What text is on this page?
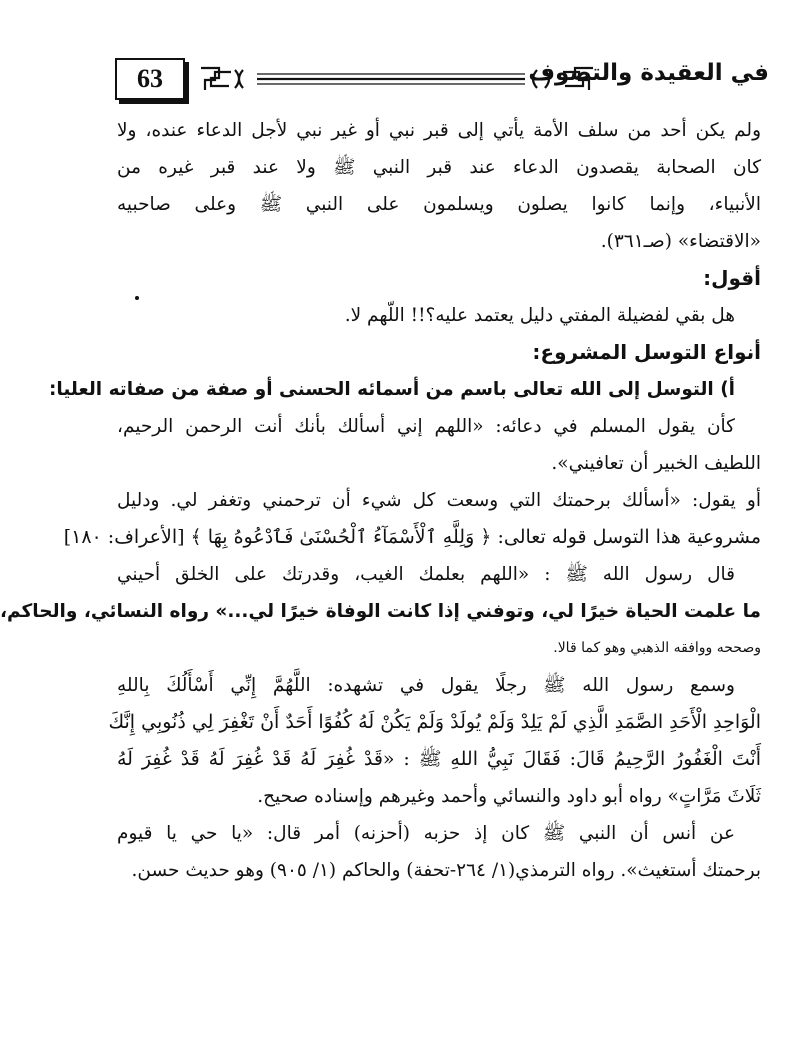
63	في العقيدة والتصوف
ولم يكن أحد من سلف الأمة يأتي إلى قبر نبي أو غير نبي لأجل الدعاء عنده، ولا
كان الصحابة يقصدون الدعاء عند قبر النبي ﷺ ولا عند قبر غيره من
الأنبياء، وإنما كانوا يصلون ويسلمون على النبي ﷺ وعلى صاحبيه
«الاقتضاء» (صـ٣٦١).
أقول:
هل بقي لفضيلة المفتي دليل يعتمد عليه؟!! اللّهم لا.
أنواع التوسل المشروع:
أ) التوسل إلى الله تعالى باسم من أسمائه الحسنى أو صفة من صفاته العليا:
كأن يقول المسلم في دعائه: «اللهم إني أسألك بأنك أنت الرحمن الرحيم،
اللطيف الخبير أن تعافيني».
أو يقول: «أسألك برحمتك التي وسعت كل شيء أن ترحمني وتغفر لي. ودليل
مشروعية هذا التوسل قوله تعالى: ﴿ وَلِلَّهِ ٱلْأَسْمَآءُ ٱلْحُسْنَىٰ فَٱدْعُوهُ بِهَا ﴾ [الأعراف: ١٨٠]
قال رسول الله ﷺ : «اللهم بعلمك الغيب، وقدرتك على الخلق أحيني
ما علمت الحياة خيرًا لي، وتوفني إذا كانت الوفاة خيرًا لي...» رواه النسائي، والحاكم،
وصححه ووافقه الذهبي وهو كما قالا.
وسمع رسول الله ﷺ رجلًا يقول في تشهده: اللَّهُمَّ إِنِّي أَسْأَلُكَ بِاللهِ
الْوَاحِدِ الْأَحَدِ الصَّمَدِ الَّذِي لَمْ يَلِدْ وَلَمْ يُولَدْ وَلَمْ يَكُنْ لَهُ كُفُوًا أَحَدٌ أَنْ تَغْفِرَ لِي ذُنُوبِي إِنَّكَ
أَنْتَ الْغَفُورُ الرَّحِيمُ قَالَ: فَقَالَ نَبِيُّ اللهِ ﷺ : «قَدْ غُفِرَ لَهُ قَدْ غُفِرَ لَهُ قَدْ غُفِرَ لَهُ
ثَلَاثَ مَرَّاتٍ» رواه أبو داود والنسائي وأحمد وغيرهم وإسناده صحيح.
عن أنس أن النبي ﷺ كان إذ حزبه (أحزنه) أمر قال: «يا حي يا قيوم
برحمتك أستغيث». رواه الترمذي(١/ ٢٦٤-تحفة) والحاكم (١/ ٩٠٥) وهو حديث حسن.
